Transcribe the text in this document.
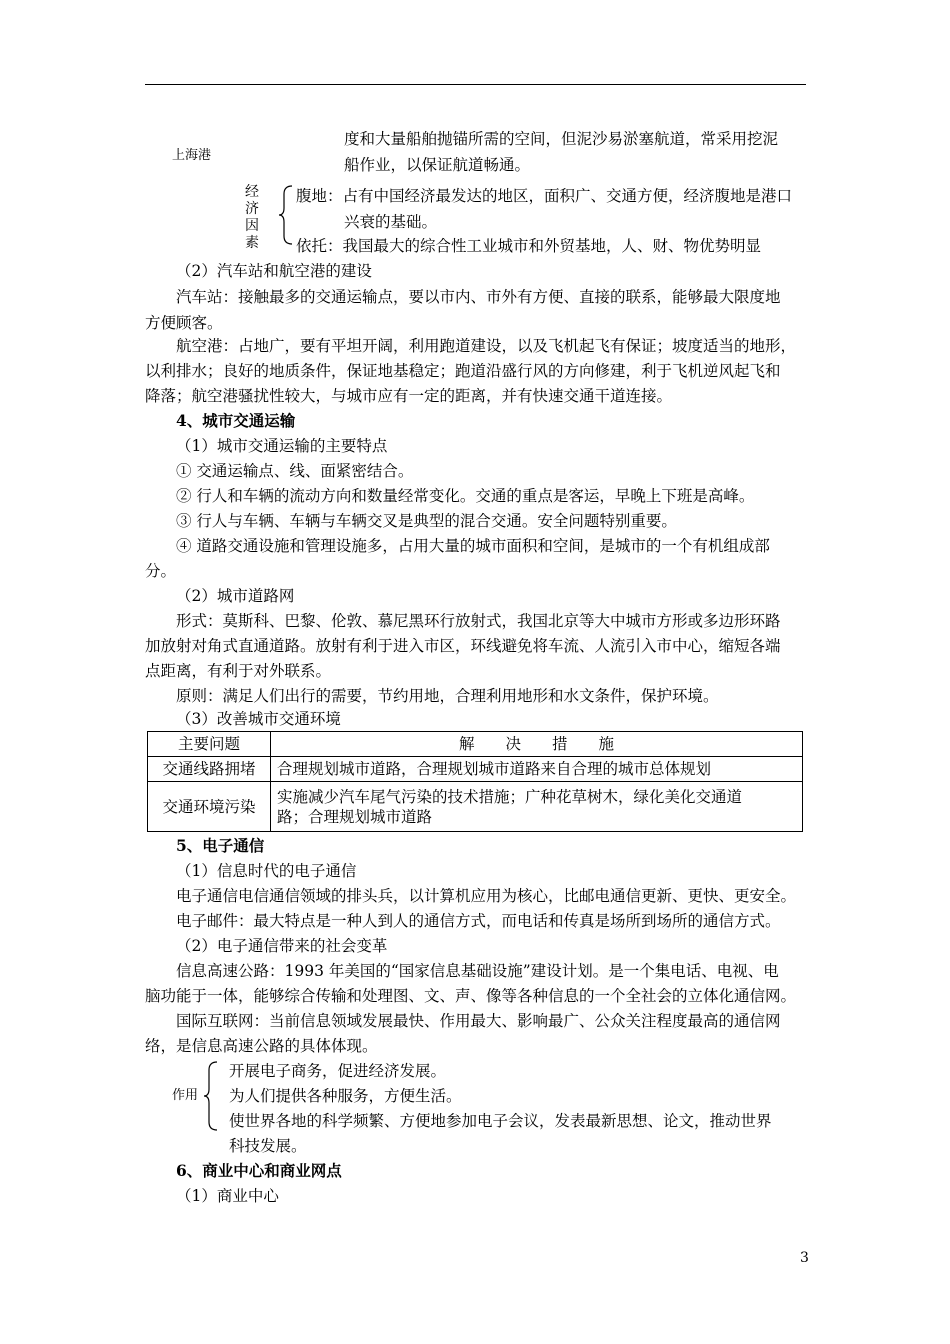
度和大量船舶抛锚所需的空间，但泥沙易淤塞航道，常采用挖泥
上海港
船作业，以保证航道畅通。
经济因素
腹地：占有中国经济最发达的地区，面积广、交通方便，经济腹地是港口
兴衰的基础。
依托：我国最大的综合性工业城市和外贸基地，人、财、物优势明显
（2）汽车站和航空港的建设
汽车站：接触最多的交通运输点，要以市内、市外有方便、直接的联系，能够最大限度地
方便顾客。
航空港：占地广，要有平坦开阔，利用跑道建设，以及飞机起飞有保证；坡度适当的地形，
以利排水；良好的地质条件，保证地基稳定；跑道沿盛行风的方向修建，利于飞机逆风起飞和
降落；航空港骚扰性较大，与城市应有一定的距离，并有快速交通干道连接。
4、城市交通运输
（1）城市交通运输的主要特点
① 交通运输点、线、面紧密结合。
② 行人和车辆的流动方向和数量经常变化。交通的重点是客运，早晚上下班是高峰。
③ 行人与车辆、车辆与车辆交叉是典型的混合交通。安全问题特别重要。
④ 道路交通设施和管理设施多，占用大量的城市面积和空间，是城市的一个有机组成部
分。
（2）城市道路网
形式：莫斯科、巴黎、伦敦、慕尼黑环行放射式，我国北京等大中城市方形或多边形环路
加放射对角式直通道路。放射有利于进入市区，环线避免将车流、人流引入市中心，缩短各端
点距离，有利于对外联系。
原则：满足人们出行的需要，节约用地，合理利用地形和水文条件，保护环境。
（3）改善城市交通环境
主要问题	解　　决　　措　　施
交通线路拥堵	合理规划城市道路，合理规划城市道路来自合理的城市总体规划
交通环境污染	实施减少汽车尾气污染的技术措施；广种花草树木，绿化美化交通道
路；合理规划城市道路
5、电子通信
（1）信息时代的电子通信
电子通信电信通信领域的排头兵，以计算机应用为核心，比邮电通信更新、更快、更安全。
电子邮件：最大特点是一种人到人的通信方式，而电话和传真是场所到场所的通信方式。
（2）电子通信带来的社会变革
信息高速公路：1993 年美国的“国家信息基础设施”建设计划。是一个集电话、电视、电
脑功能于一体，能够综合传输和处理图、文、声、像等各种信息的一个全社会的立体化通信网。
国际互联网：当前信息领域发展最快、作用最大、影响最广、公众关注程度最高的通信网
络，是信息高速公路的具体体现。
作用
开展电子商务，促进经济发展。
为人们提供各种服务，方便生活。
使世界各地的科学频繁、方便地参加电子会议，发表最新思想、论文，推动世界
科技发展。
6、商业中心和商业网点
（1）商业中心
3
